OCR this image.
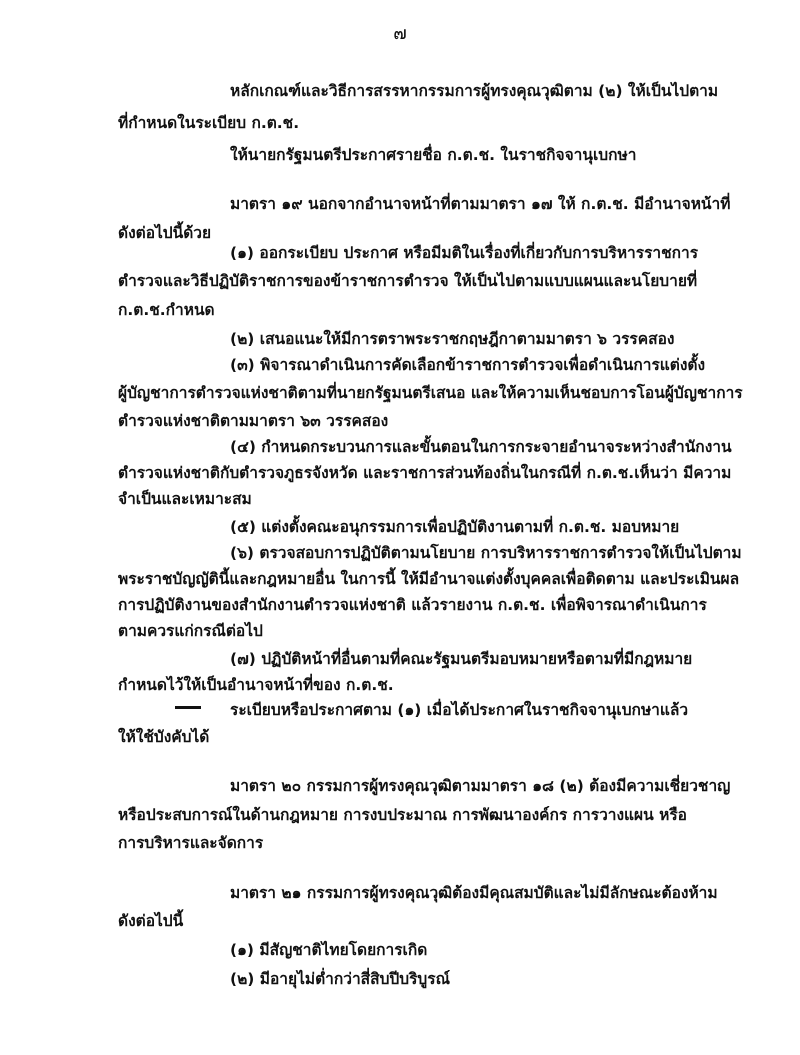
๗
หลักเกณฑ์และวิธีการสรรหากรรมการผู้ทรงคุณวุฒิตาม (๒) ให้เป็นไปตาม
ที่กำหนดในระเบียบ ก.ต.ช.
ให้นายกรัฐมนตรีประกาศรายชื่อ ก.ต.ช. ในราชกิจจานุเบกษา
มาตรา ๑๙ นอกจากอำนาจหน้าที่ตามมาตรา ๑๗ ให้ ก.ต.ช. มีอำนาจหน้าที่
ดังต่อไปนี้ด้วย
(๑) ออกระเบียบ ประกาศ หรือมีมติในเรื่องที่เกี่ยวกับการบริหารราชการ
ตำรวจและวิธีปฏิบัติราชการของข้าราชการตำรวจ ให้เป็นไปตามแบบแผนและนโยบายที่
ก.ต.ช.กำหนด
(๒) เสนอแนะให้มีการตราพระราชกฤษฎีกาตามมาตรา ๖ วรรคสอง
(๓) พิจารณาดำเนินการคัดเลือกข้าราชการตำรวจเพื่อดำเนินการแต่งตั้ง
ผู้บัญชาการตำรวจแห่งชาติตามที่นายกรัฐมนตรีเสนอ และให้ความเห็นชอบการโอนผู้บัญชาการ
ตำรวจแห่งชาติตามมาตรา ๖๓ วรรคสอง
(๔) กำหนดกระบวนการและขั้นตอนในการกระจายอำนาจระหว่างสำนักงาน
ตำรวจแห่งชาติกับตำรวจภูธรจังหวัด และราชการส่วนท้องถิ่นในกรณีที่ ก.ต.ช.เห็นว่า มีความ
จำเป็นและเหมาะสม
(๕) แต่งตั้งคณะอนุกรรมการเพื่อปฏิบัติงานตามที่ ก.ต.ช. มอบหมาย
(๖) ตรวจสอบการปฏิบัติตามนโยบาย การบริหารราชการตำรวจให้เป็นไปตาม
พระราชบัญญัตินี้และกฎหมายอื่น ในการนี้ ให้มีอำนาจแต่งตั้งบุคคลเพื่อติดตาม และประเมินผล
การปฏิบัติงานของสำนักงานตำรวจแห่งชาติ แล้วรายงาน ก.ต.ช. เพื่อพิจารณาดำเนินการ
ตามควรแก่กรณีต่อไป
(๗) ปฏิบัติหน้าที่อื่นตามที่คณะรัฐมนตรีมอบหมายหรือตามที่มีกฎหมาย
กำหนดไว้ให้เป็นอำนาจหน้าที่ของ ก.ต.ช.
ระเบียบหรือประกาศตาม (๑) เมื่อได้ประกาศในราชกิจจานุเบกษาแล้ว
ให้ใช้บังคับได้
มาตรา ๒๐ กรรมการผู้ทรงคุณวุฒิตามมาตรา ๑๘ (๒) ต้องมีความเชี่ยวชาญ
หรือประสบการณ์ในด้านกฎหมาย การงบประมาณ การพัฒนาองค์กร การวางแผน หรือ
การบริหารและจัดการ
มาตรา ๒๑ กรรมการผู้ทรงคุณวุฒิต้องมีคุณสมบัติและไม่มีลักษณะต้องห้าม
ดังต่อไปนี้
(๑) มีสัญชาติไทยโดยการเกิด
(๒) มีอายุไม่ต่ำกว่าสี่สิบปีบริบูรณ์
